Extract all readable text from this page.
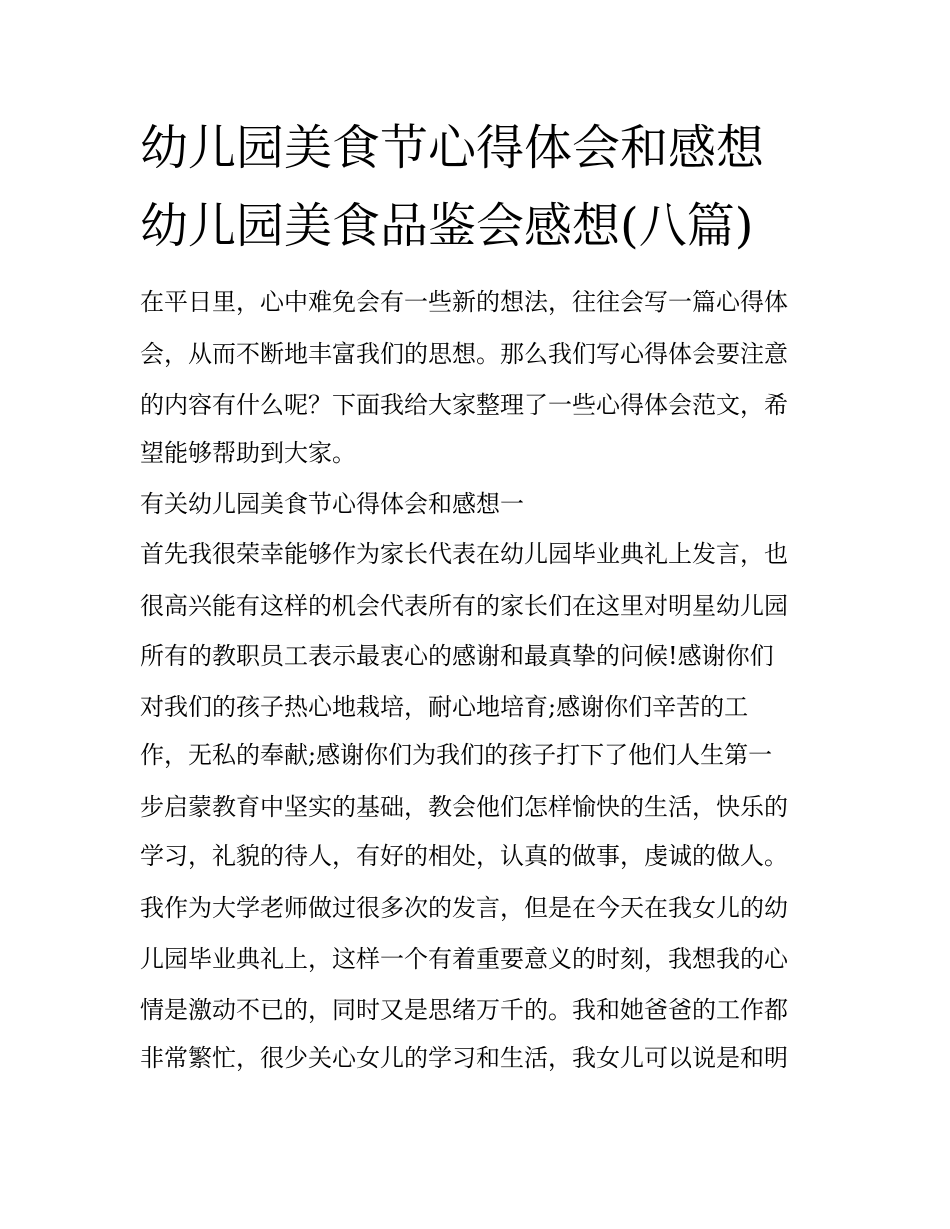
幼儿园美食节心得体会和感想
幼儿园美食品鉴会感想(八篇)
在平日里，心中难免会有一些新的想法，往往会写一篇心得体
会，从而不断地丰富我们的思想。那么我们写心得体会要注意
的内容有什么呢？下面我给大家整理了一些心得体会范文，希
望能够帮助到大家。
有关幼儿园美食节心得体会和感想一
首先我很荣幸能够作为家长代表在幼儿园毕业典礼上发言，也
很高兴能有这样的机会代表所有的家长们在这里对明星幼儿园
所有的教职员工表示最衷心的感谢和最真挚的问候!感谢你们
对我们的孩子热心地栽培，耐心地培育;感谢你们辛苦的工
作，无私的奉献;感谢你们为我们的孩子打下了他们人生第一
步启蒙教育中坚实的基础，教会他们怎样愉快的生活，快乐的
学习，礼貌的待人，有好的相处，认真的做事，虔诚的做人。
我作为大学老师做过很多次的发言，但是在今天在我女儿的幼
儿园毕业典礼上，这样一个有着重要意义的时刻，我想我的心
情是激动不已的，同时又是思绪万千的。我和她爸爸的工作都
非常繁忙，很少关心女儿的学习和生活，我女儿可以说是和明
